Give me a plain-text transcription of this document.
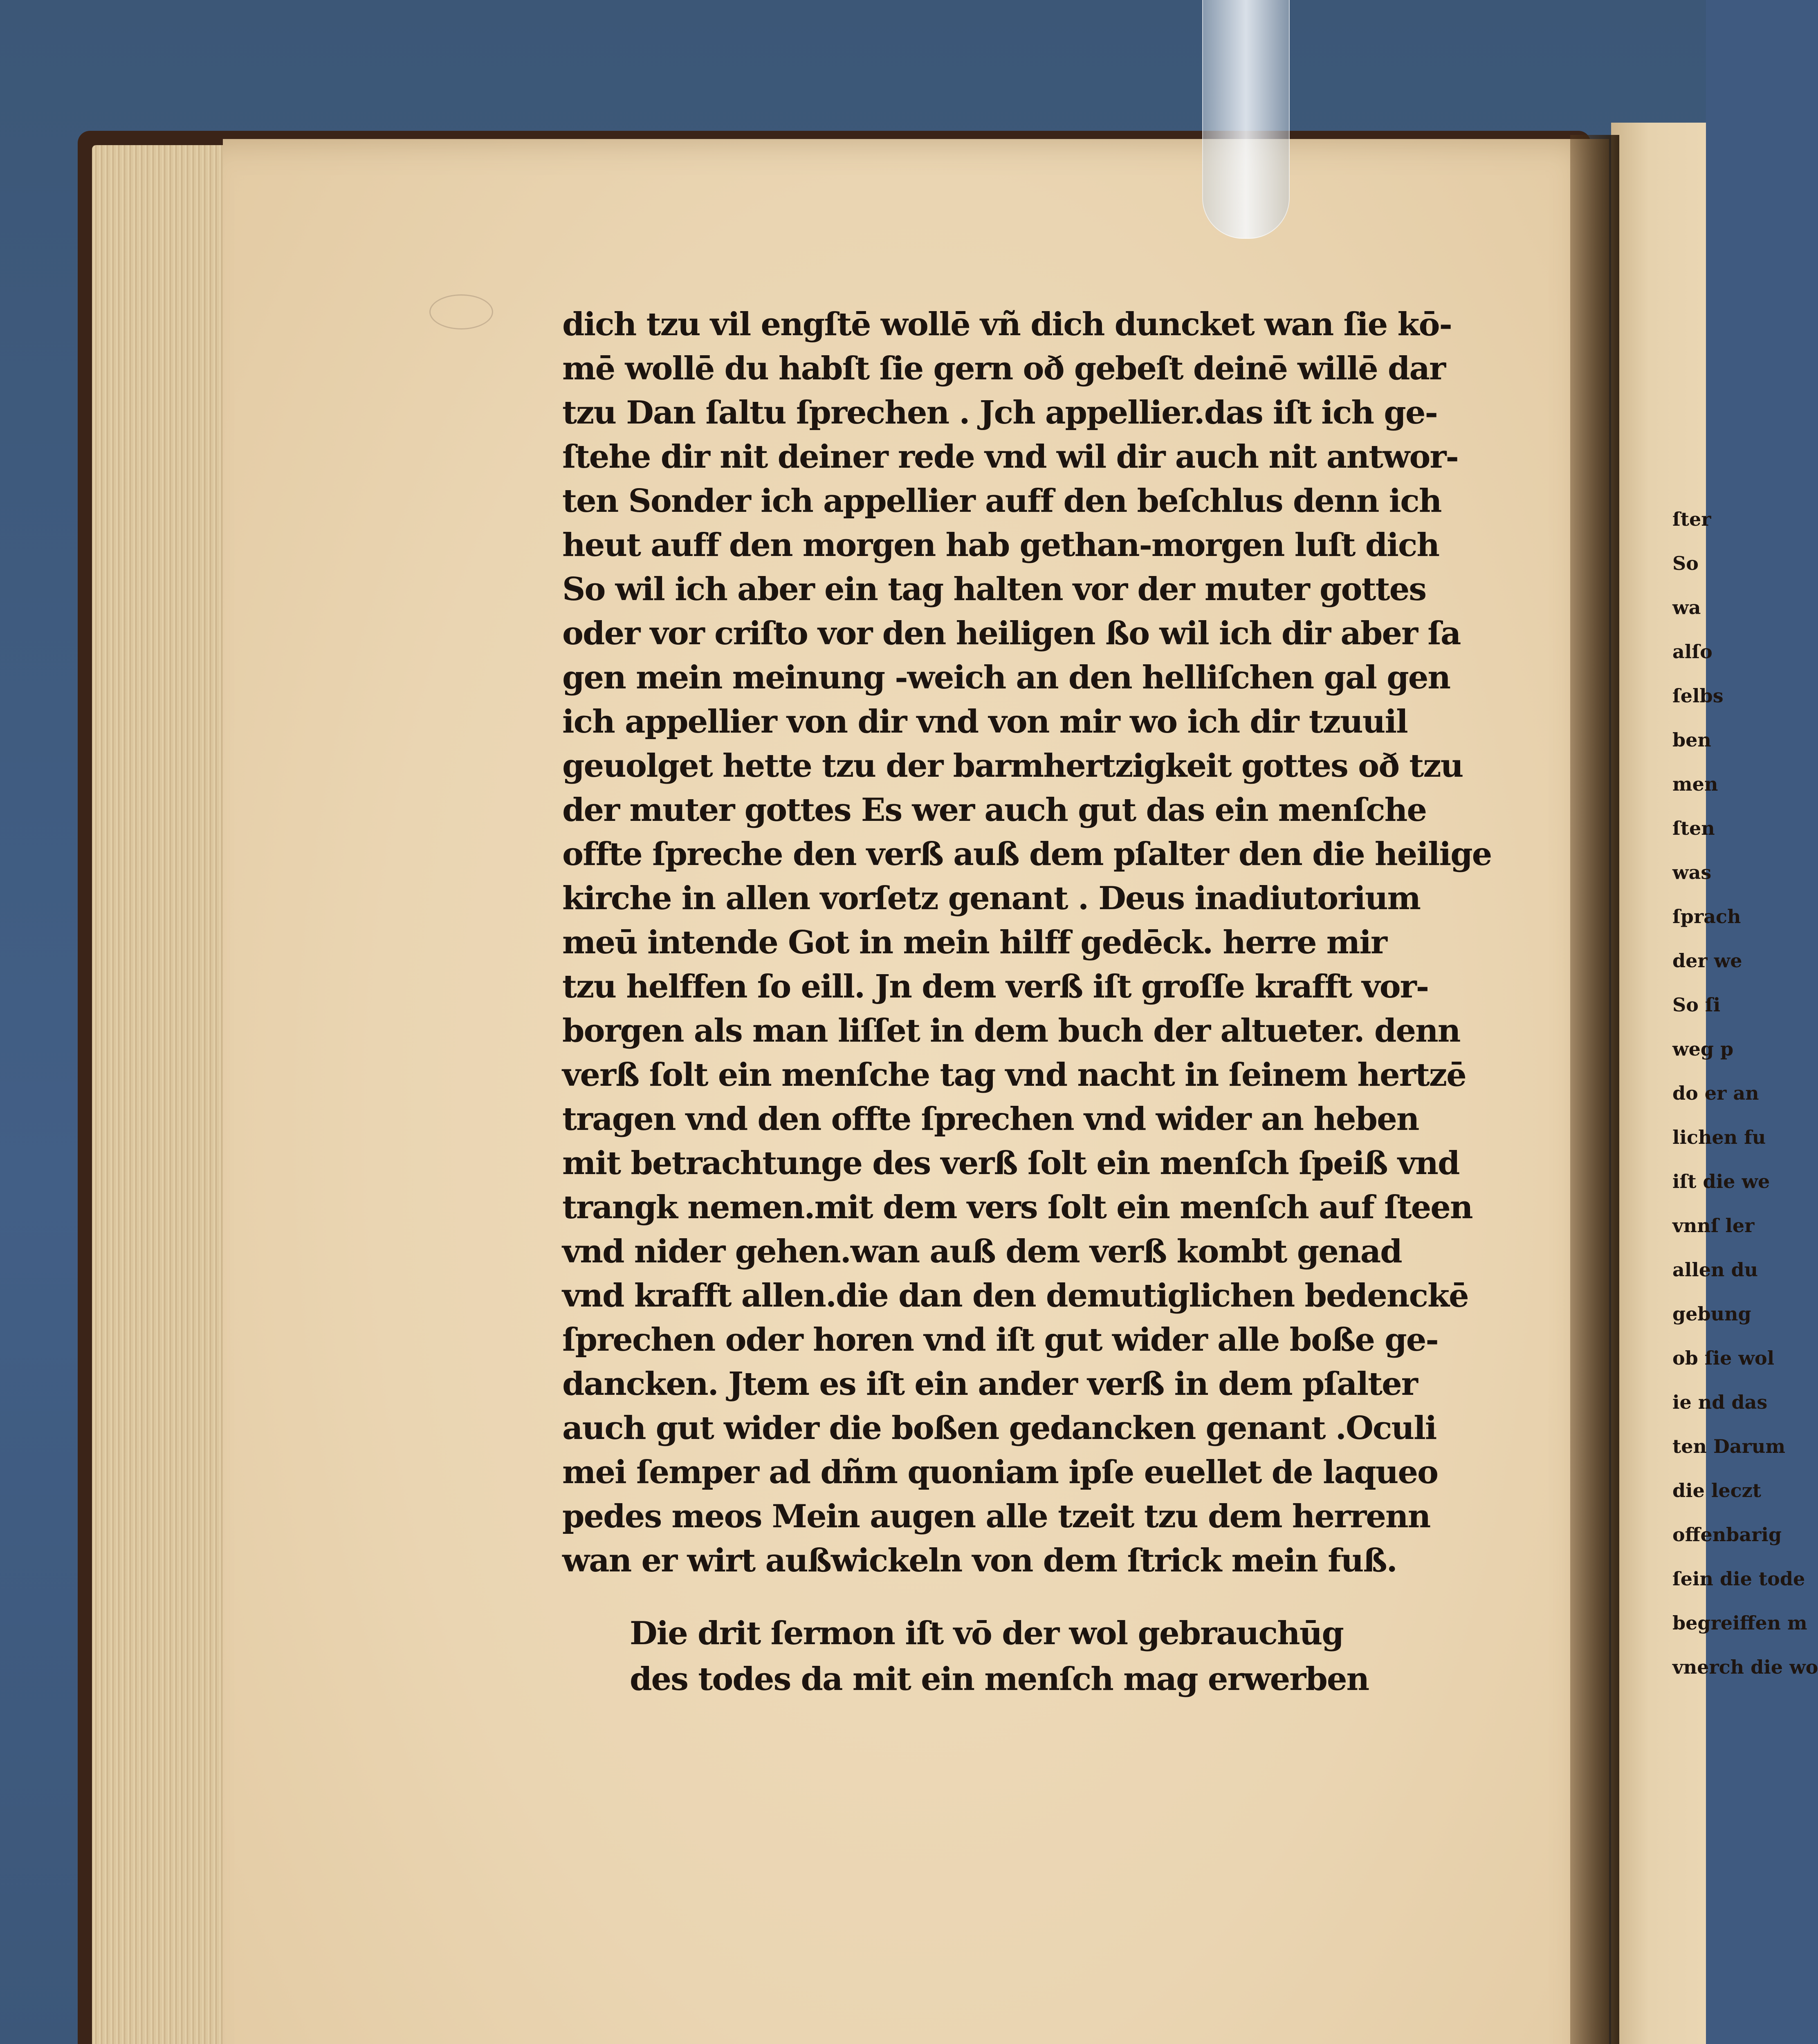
dich tzu vil engſtē wollē vñ dich duncket wan ſie kō-
mē wollē du habſt ſie gern oð gebeſt deinē willē dar
tzu Dan ſaltu ſprechen . Jch appellier.das iſt ich ge-
ſtehe dir nit deiner rede vnd wil dir auch nit antwor-
ten Sonder ich appellier auff den beſchlus denn ich
heut auff den morgen hab gethan-morgen luſt dich
So wil ich aber ein tag halten vor der muter gottes
oder vor criſto vor den heiligen ßo wil ich dir aber ſa
gen mein meinung -weich an den helliſchen gal gen
ich appellier von dir vnd von mir wo ich dir tzuuil
geuolget hette tzu der barmhertzigkeit gottes oð tzu
der muter gottes Es wer auch gut das ein menſche
offte ſpreche den verß auß dem pſalter den die heilige
kirche in allen vorſetz genant . Deus inadiutorium
meū intende Got in mein hilff gedēck. herre mir
tzu helffen ſo eill. Jn dem verß iſt groſſe krafft vor-
borgen als man liſſet in dem buch der altueter. denn
verß ſolt ein menſche tag vnd nacht in ſeinem hertzē
tragen vnd den offte ſprechen vnd wider an heben
mit betrachtunge des verß ſolt ein menſch ſpeiß vnd
trangk nemen.mit dem vers ſolt ein menſch auf ſteen
vnd nider gehen.wan auß dem verß kombt genad
vnd krafft allen.die dan den demutiglichen bedenckē
ſprechen oder horen vnd iſt gut wider alle boße ge-
dancken. Jtem es iſt ein ander verß in dem pſalter
auch gut wider die boßen gedancken genant .Oculi
mei ſemper ad dñm quoniam ipſe euellet de laqueo
pedes meos Mein augen alle tzeit tzu dem herrenn
wan er wirt außwickeln von dem ſtrick mein fuß.
Die drit ſermon iſt vō der wol gebrauchūg
des todes da mit ein menſch mag erwerben
ſter
So
wa
alſo
ſelbs
ben
men
ſten
was
ſprach
der we
So ſi
weg p
do er an
lichen fu
iſt die we
vnnſ ler
allen du
gebung
ob ſie wol
ie nd das
ten Darum
die leczt
offenbarig
ſein die tode
begreiffen m
vnerch die wo
